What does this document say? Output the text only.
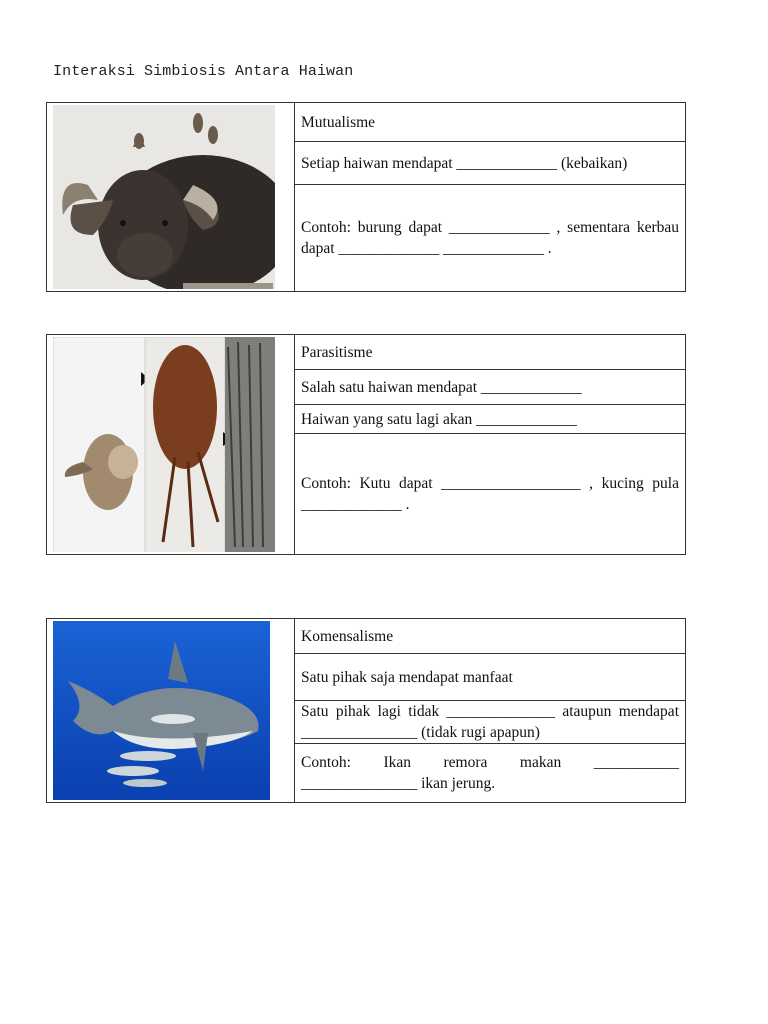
Interaksi Simbiosis Antara Haiwan
Mutualisme
Setiap haiwan mendapat _____________ (kebaikan)
Contoh: burung dapat _____________ , sementara kerbau dapat _____________ _____________ .
Parasitisme
Salah satu haiwan mendapat _____________
Haiwan yang satu lagi akan _____________
Contoh: Kutu dapat __________________ , kucing pula _____________ .
Komensalisme
Satu pihak saja mendapat manfaat
Satu pihak lagi tidak ______________ ataupun mendapat _______________ (tidak rugi apapun)
Contoh: Ikan remora makan ___________ _______________ ikan jerung.
